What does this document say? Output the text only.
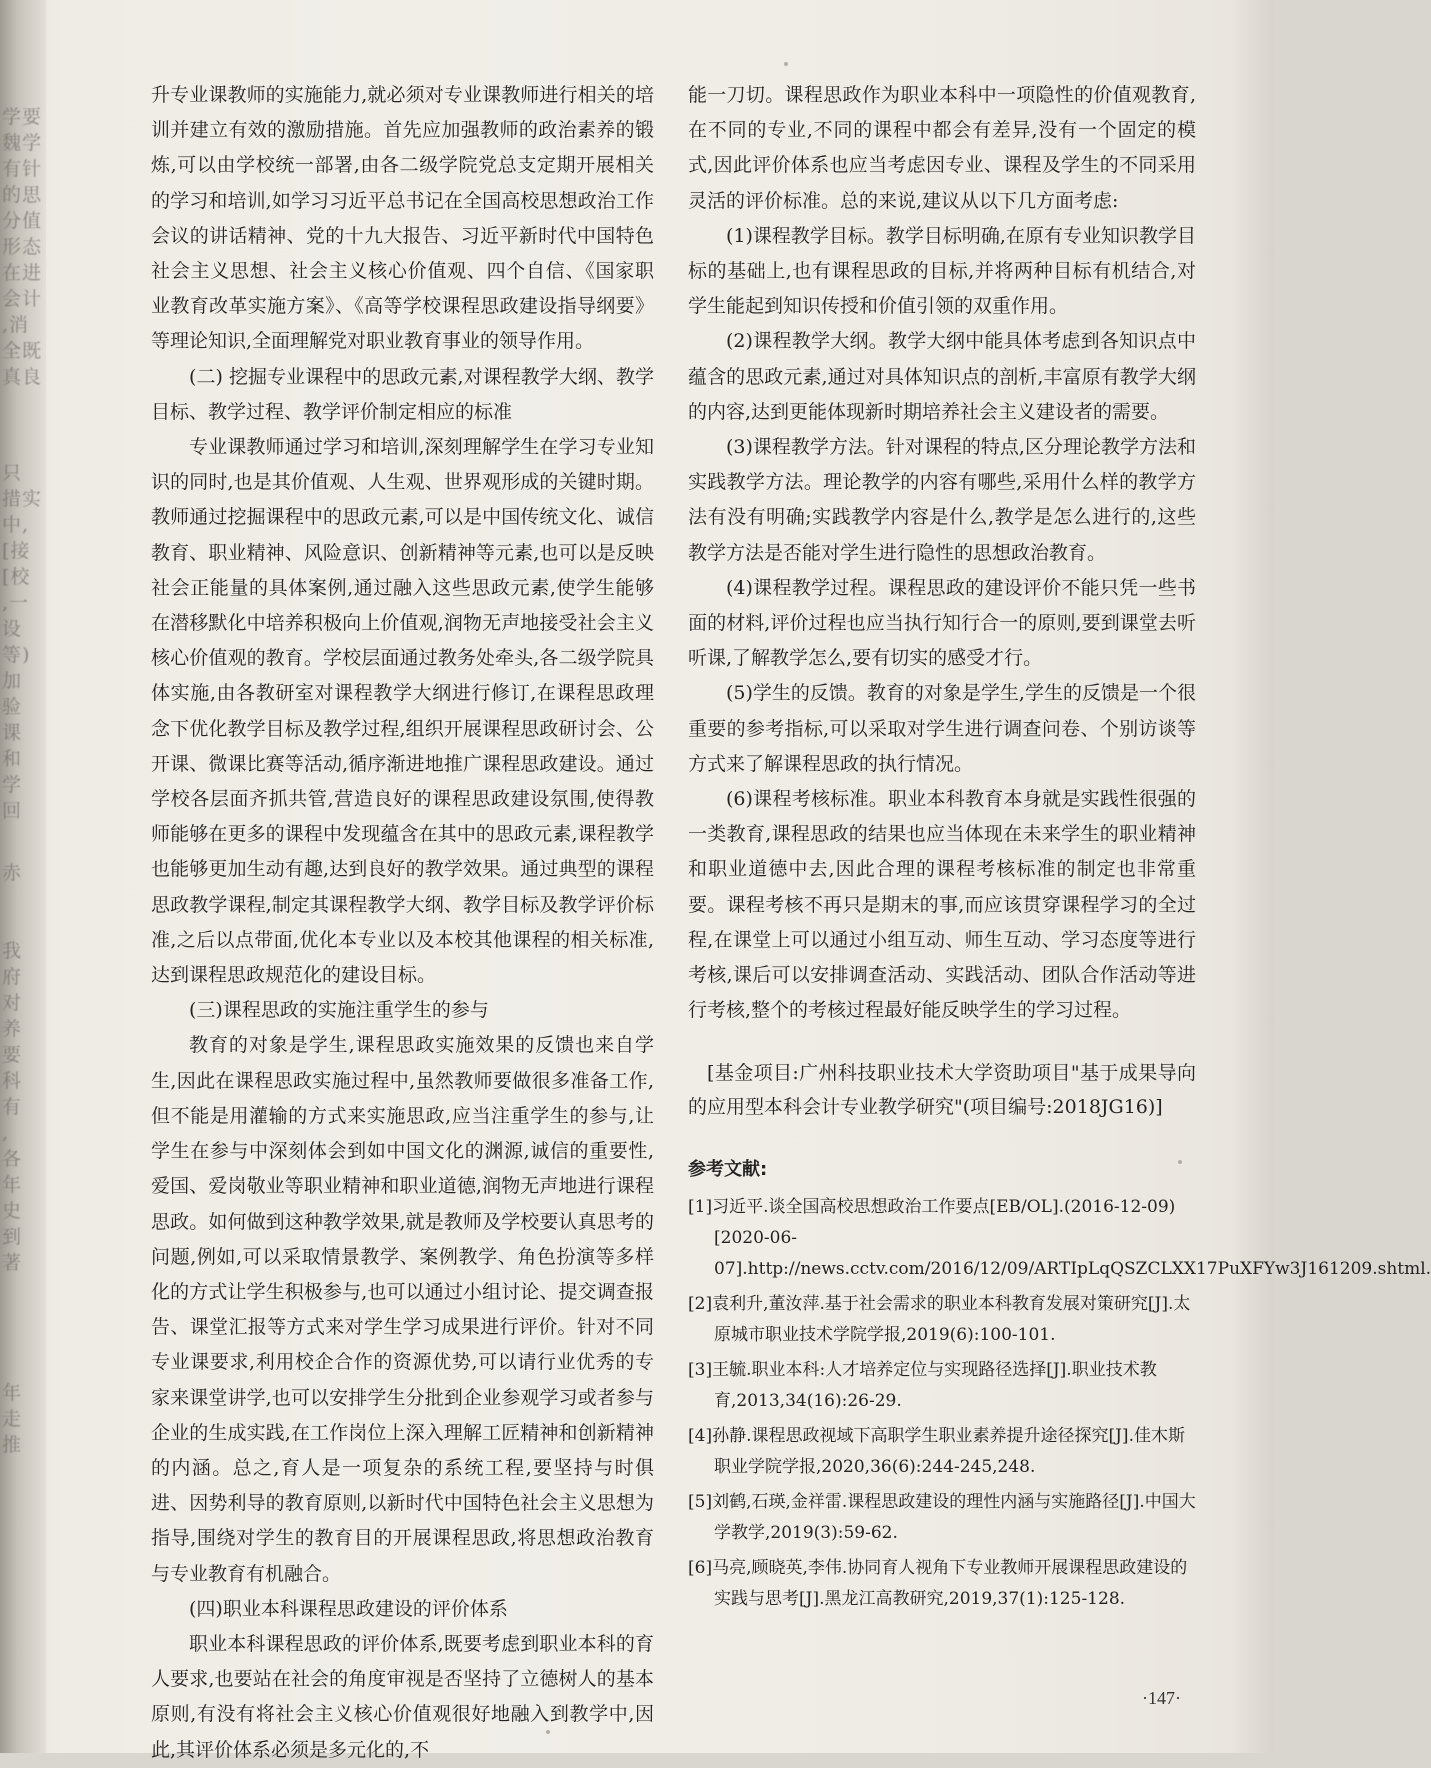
学要
魏学
有针
的思
分值
形态
在进
会计
,消
全既
真良
只
措实
中,
[接
[校
,一
设
等)
加
验
课
和
学
回
赤

我
府
对
养
要
科
有
,
各
年
史
到
著

年
走
推

升专业课教师的实施能力,就必须对专业课教师进行相关的培训并建立有效的激励措施。首先应加强教师的政治素养的锻炼,可以由学校统一部署,由各二级学院党总支定期开展相关的学习和培训,如学习习近平总书记在全国高校思想政治工作会议的讲话精神、党的十九大报告、习近平新时代中国特色社会主义思想、社会主义核心价值观、四个自信、《国家职业教育改革实施方案》、《高等学校课程思政建设指导纲要》等理论知识,全面理解党对职业教育事业的领导作用。

(二) 挖掘专业课程中的思政元素,对课程教学大纲、教学目标、教学过程、教学评价制定相应的标准

专业课教师通过学习和培训,深刻理解学生在学习专业知识的同时,也是其价值观、人生观、世界观形成的关键时期。教师通过挖掘课程中的思政元素,可以是中国传统文化、诚信教育、职业精神、风险意识、创新精神等元素,也可以是反映社会正能量的具体案例,通过融入这些思政元素,使学生能够在潜移默化中培养积极向上价值观,润物无声地接受社会主义核心价值观的教育。学校层面通过教务处牵头,各二级学院具体实施,由各教研室对课程教学大纲进行修订,在课程思政理念下优化教学目标及教学过程,组织开展课程思政研讨会、公开课、微课比赛等活动,循序渐进地推广课程思政建设。通过学校各层面齐抓共管,营造良好的课程思政建设氛围,使得教师能够在更多的课程中发现蕴含在其中的思政元素,课程教学也能够更加生动有趣,达到良好的教学效果。通过典型的课程思政教学课程,制定其课程教学大纲、教学目标及教学评价标准,之后以点带面,优化本专业以及本校其他课程的相关标准,达到课程思政规范化的建设目标。

(三)课程思政的实施注重学生的参与

教育的对象是学生,课程思政实施效果的反馈也来自学生,因此在课程思政实施过程中,虽然教师要做很多准备工作,但不能是用灌输的方式来实施思政,应当注重学生的参与,让学生在参与中深刻体会到如中国文化的渊源,诚信的重要性,爱国、爱岗敬业等职业精神和职业道德,润物无声地进行课程思政。如何做到这种教学效果,就是教师及学校要认真思考的问题,例如,可以采取情景教学、案例教学、角色扮演等多样化的方式让学生积极参与,也可以通过小组讨论、提交调查报告、课堂汇报等方式来对学生学习成果进行评价。针对不同专业课要求,利用校企合作的资源优势,可以请行业优秀的专家来课堂讲学,也可以安排学生分批到企业参观学习或者参与企业的生成实践,在工作岗位上深入理解工匠精神和创新精神的内涵。总之,育人是一项复杂的系统工程,要坚持与时俱进、因势利导的教育原则,以新时代中国特色社会主义思想为指导,围绕对学生的教育目的开展课程思政,将思想政治教育与专业教育有机融合。

(四)职业本科课程思政建设的评价体系

职业本科课程思政的评价体系,既要考虑到职业本科的育人要求,也要站在社会的角度审视是否坚持了立德树人的基本原则,有没有将社会主义核心价值观很好地融入到教学中,因此,其评价体系必须是多元化的,不

能一刀切。课程思政作为职业本科中一项隐性的价值观教育,在不同的专业,不同的课程中都会有差异,没有一个固定的模式,因此评价体系也应当考虑因专业、课程及学生的不同采用灵活的评价标准。总的来说,建议从以下几方面考虑:

(1)课程教学目标。教学目标明确,在原有专业知识教学目标的基础上,也有课程思政的目标,并将两种目标有机结合,对学生能起到知识传授和价值引领的双重作用。

(2)课程教学大纲。教学大纲中能具体考虑到各知识点中蕴含的思政元素,通过对具体知识点的剖析,丰富原有教学大纲的内容,达到更能体现新时期培养社会主义建设者的需要。

(3)课程教学方法。针对课程的特点,区分理论教学方法和实践教学方法。理论教学的内容有哪些,采用什么样的教学方法有没有明确;实践教学内容是什么,教学是怎么进行的,这些教学方法是否能对学生进行隐性的思想政治教育。

(4)课程教学过程。课程思政的建设评价不能只凭一些书面的材料,评价过程也应当执行知行合一的原则,要到课堂去听听课,了解教学怎么,要有切实的感受才行。

(5)学生的反馈。教育的对象是学生,学生的反馈是一个很重要的参考指标,可以采取对学生进行调查问卷、个别访谈等方式来了解课程思政的执行情况。

(6)课程考核标准。职业本科教育本身就是实践性很强的一类教育,课程思政的结果也应当体现在未来学生的职业精神和职业道德中去,因此合理的课程考核标准的制定也非常重要。课程考核不再只是期末的事,而应该贯穿课程学习的全过程,在课堂上可以通过小组互动、师生互动、学习态度等进行考核,课后可以安排调查活动、实践活动、团队合作活动等进行考核,整个的考核过程最好能反映学生的学习过程。

[基金项目:广州科技职业技术大学资助项目"基于成果导向的应用型本科会计专业教学研究"(项目编号:2018JG16)]

参考文献:

[1]习近平.谈全国高校思想政治工作要点[EB/OL].(2016-12-09) [2020-06-07].http://news.cctv.com/2016/12/09/ARTIpLqQSZCLXX17PuXFYw3J161209.shtml.

[2]袁利升,董汝萍.基于社会需求的职业本科教育发展对策研究[J].太原城市职业技术学院学报,2019(6):100-101.

[3]王毓.职业本科:人才培养定位与实现路径选择[J].职业技术教育,2013,34(16):26-29.

[4]孙静.课程思政视域下高职学生职业素养提升途径探究[J].佳木斯职业学院学报,2020,36(6):244-245,248.

[5]刘鹤,石瑛,金祥雷.课程思政建设的理性内涵与实施路径[J].中国大学教学,2019(3):59-62.

[6]马亮,顾晓英,李伟.协同育人视角下专业教师开展课程思政建设的实践与思考[J].黑龙江高教研究,2019,37(1):125-128.

·147·
